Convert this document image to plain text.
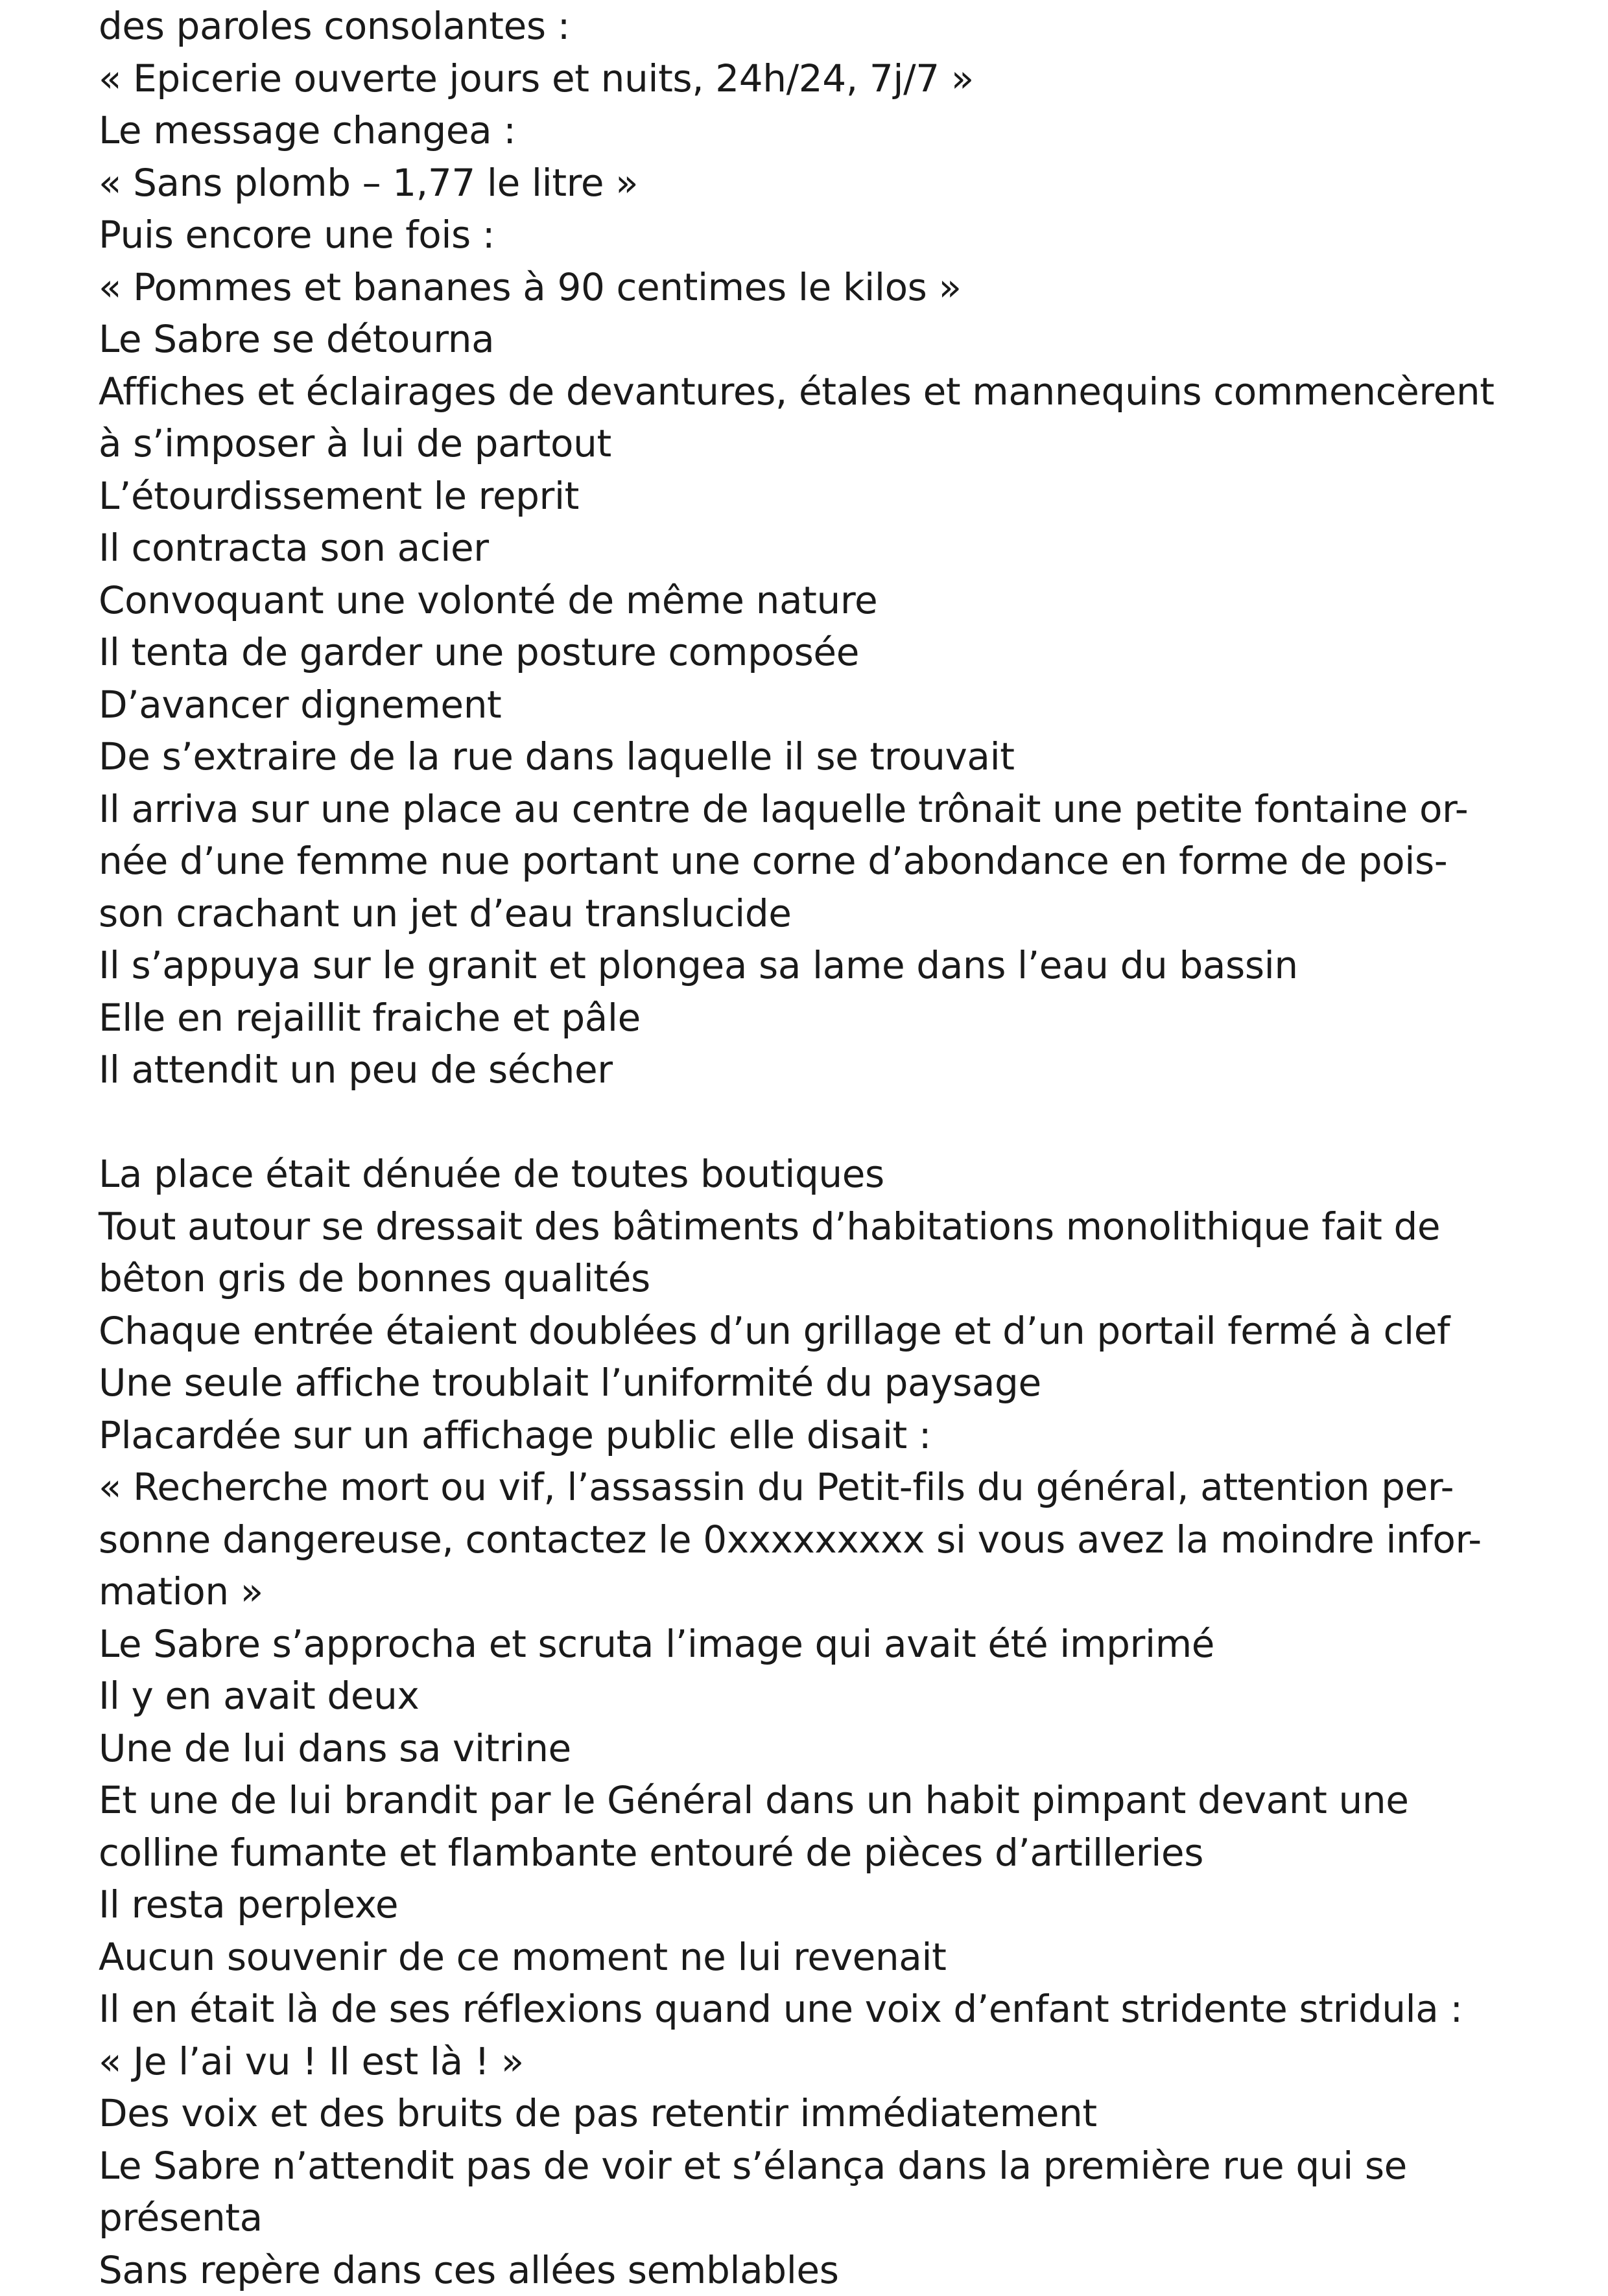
des paroles consolantes :
« Epicerie ouverte jours et nuits, 24h/24, 7j/7 »
Le message changea :
« Sans plomb – 1,77 le litre »
Puis encore une fois :
« Pommes et bananes à 90 centimes le kilos »
Le Sabre se détourna
Affiches et éclairages de devantures, étales et mannequins commencèrent
à s’imposer à lui de partout
L’étourdissement le reprit
Il contracta son acier
Convoquant une volonté de même nature
Il tenta de garder une posture composée
D’avancer dignement
De s’extraire de la rue dans laquelle il se trouvait
Il arriva sur une place au centre de laquelle trônait une petite fontaine or-
née d’une femme nue portant une corne d’abondance en forme de pois-
son crachant un jet d’eau translucide
Il s’appuya sur le granit et plongea sa lame dans l’eau du bassin
Elle en rejaillit fraiche et pâle
Il attendit un peu de sécher
La place était dénuée de toutes boutiques
Tout autour se dressait des bâtiments d’habitations monolithique fait de
bêton gris de bonnes qualités
Chaque entrée étaient doublées d’un grillage et d’un portail fermé à clef
Une seule affiche troublait l’uniformité du paysage
Placardée sur un affichage public elle disait :
« Recherche mort ou vif, l’assassin du Petit-fils du général, attention per-
sonne dangereuse, contactez le 0xxxxxxxxx si vous avez la moindre infor-
mation »
Le Sabre s’approcha et scruta l’image qui avait été imprimé
Il y en avait deux
Une de lui dans sa vitrine
Et une de lui brandit par le Général dans un habit pimpant devant une
colline fumante et flambante entouré de pièces d’artilleries
Il resta perplexe
Aucun souvenir de ce moment ne lui revenait
Il en était là de ses réflexions quand une voix d’enfant stridente stridula :
« Je l’ai vu ! Il est là ! »
Des voix et des bruits de pas retentir immédiatement
Le Sabre n’attendit pas de voir et s’élança dans la première rue qui se
présenta
Sans repère dans ces allées semblables
